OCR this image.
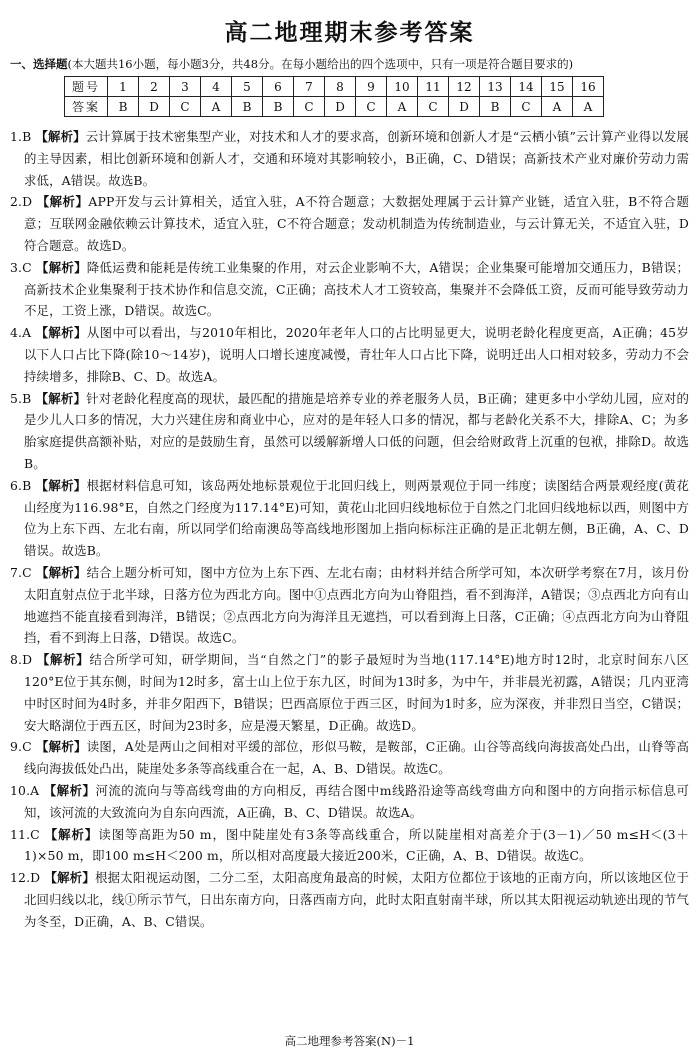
高二地理期末参考答案
一、选择题(本大题共16小题，每小题3分，共48分。在每小题给出的四个选项中，只有一项是符合题目要求的)
题号	1	2	3	4	5	6	7	8	9	10	11	12	13	14	15	16
答案	B	D	C	A	B	B	C	D	C	A	C	D	B	C	A	A

1.B 【解析】云计算属于技术密集型产业，对技术和人才的要求高，创新环境和创新人才是“云栖小镇”云计算产业得以发展的主导因素，相比创新环境和创新人才，交通和环境对其影响较小，B正确，C、D错误；高新技术产业对廉价劳动力需求低，A错误。故选B。

2.D 【解析】APP开发与云计算相关，适宜入驻，A不符合题意；大数据处理属于云计算产业链，适宜入驻，B不符合题意；互联网金融依赖云计算技术，适宜入驻，C不符合题意；发动机制造为传统制造业，与云计算无关，不适宜入驻，D符合题意。故选D。

3.C 【解析】降低运费和能耗是传统工业集聚的作用，对云企业影响不大，A错误；企业集聚可能增加交通压力，B错误；高新技术企业集聚利于技术协作和信息交流，C正确；高技术人才工资较高，集聚并不会降低工资，反而可能导致劳动力不足，工资上涨，D错误。故选C。

4.A 【解析】从图中可以看出，与2010年相比，2020年老年人口的占比明显更大，说明老龄化程度更高，A正确；45岁以下人口占比下降(除10～14岁)，说明人口增长速度减慢，青壮年人口占比下降，说明迁出人口相对较多，劳动力不会持续增多，排除B、C、D。故选A。

5.B 【解析】针对老龄化程度高的现状，最匹配的措施是培养专业的养老服务人员，B正确；建更多中小学幼儿园，应对的是少儿人口多的情况，大力兴建住房和商业中心，应对的是年轻人口多的情况，都与老龄化关系不大，排除A、C；为多胎家庭提供高额补贴，对应的是鼓励生育，虽然可以缓解新增人口低的问题，但会给财政背上沉重的包袱，排除D。故选B。

6.B 【解析】根据材料信息可知，该岛两处地标景观位于北回归线上，则两景观位于同一纬度；读图结合两景观经度(黄花山经度为116.98°E，自然之门经度为117.14°E)可知，黄花山北回归线地标位于自然之门北回归线地标以西，则图中方位为上东下西、左北右南，所以同学们给南澳岛等高线地形图加上指向标标注正确的是正北朝左侧，B正确，A、C、D错误。故选B。

7.C 【解析】结合上题分析可知，图中方位为上东下西、左北右南；由材料并结合所学可知，本次研学考察在7月，该月份太阳直射点位于北半球，日落方位为西北方向。图中①点西北方向为山脊阻挡，看不到海洋，A错误；③点西北方向有山地遮挡不能直接看到海洋，B错误；②点西北方向为海洋且无遮挡，可以看到海上日落，C正确；④点西北方向为山脊阻挡，看不到海上日落，D错误。故选C。

8.D 【解析】结合所学可知，研学期间，当“自然之门”的影子最短时为当地(117.14°E)地方时12时，北京时间东八区120°E位于其东侧，时间为12时多，富士山上位于东九区，时间为13时多，为中午，并非晨光初露，A错误；几内亚湾中时区时间为4时多，并非夕阳西下，B错误；巴西高原位于西三区，时间为1时多，应为深夜，并非烈日当空，C错误；安大略湖位于西五区，时间为23时多，应是漫天繁星，D正确。故选D。

9.C 【解析】读图，A处是两山之间相对平缓的部位，形似马鞍，是鞍部，C正确。山谷等高线向海拔高处凸出，山脊等高线向海拔低处凸出，陡崖处多条等高线重合在一起，A、B、D错误。故选C。

10.A 【解析】河流的流向与等高线弯曲的方向相反，再结合图中m线路沿途等高线弯曲方向和图中的方向指示标信息可知，该河流的大致流向为自东向西流，A正确，B、C、D错误。故选A。

11.C 【解析】读图等高距为50 m，图中陡崖处有3条等高线重合，所以陡崖相对高差介于(3－1)／50 m≤H＜(3＋1)×50 m，即100 m≤H＜200 m，所以相对高度最大接近200米，C正确，A、B、D错误。故选C。

12.D 【解析】根据太阳视运动图，二分二至，太阳高度角最高的时候，太阳方位都位于该地的正南方向，所以该地区位于北回归线以北，线①所示节气，日出东南方向，日落西南方向，此时太阳直射南半球，所以其太阳视运动轨迹出现的节气为冬至，D正确，A、B、C错误。

高二地理参考答案(N)－1
